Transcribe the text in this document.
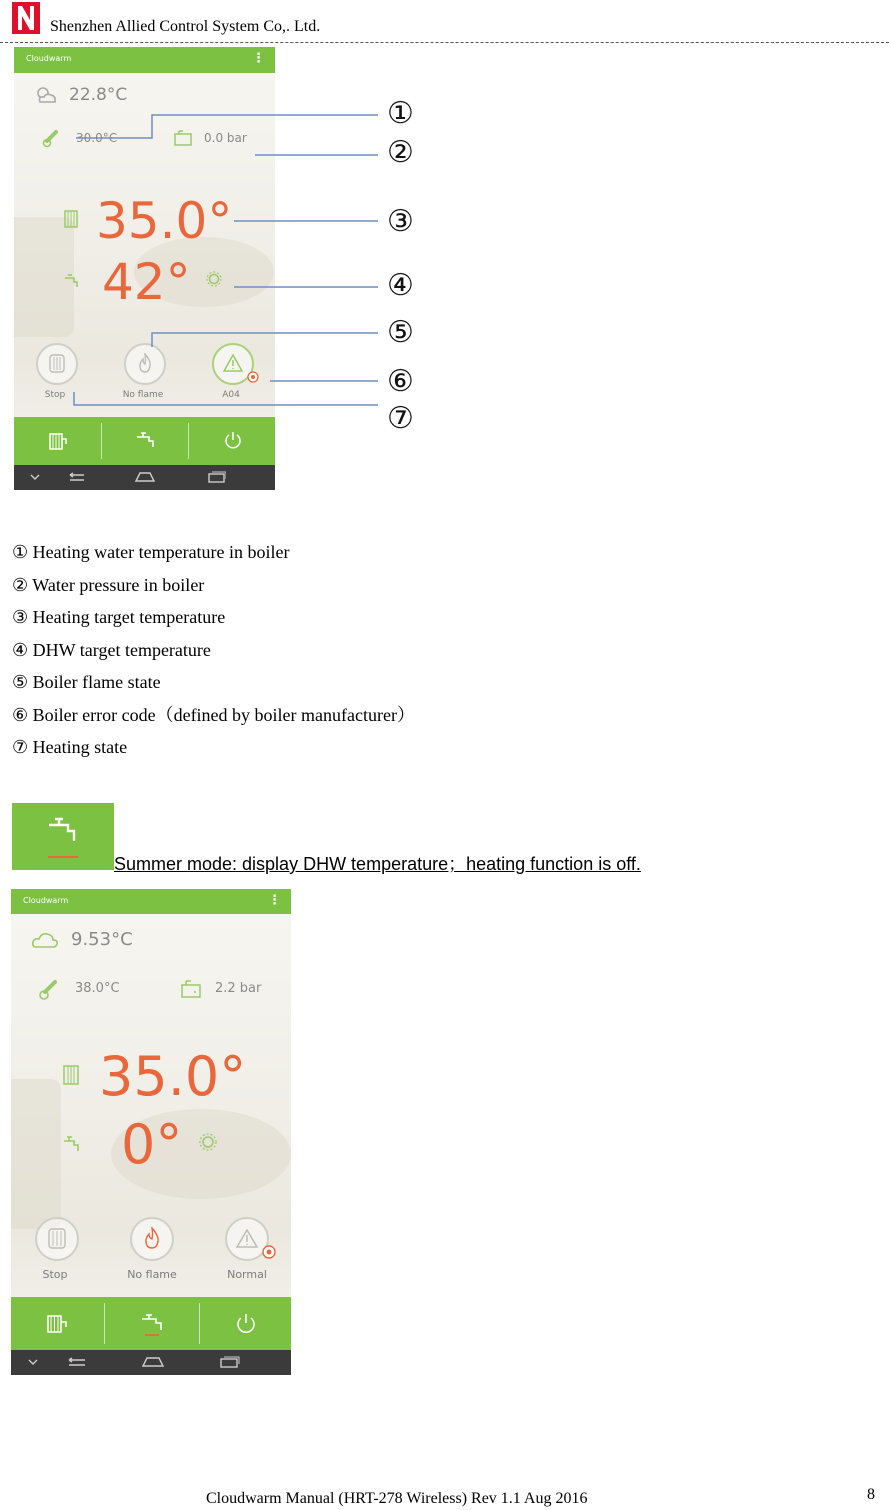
Shenzhen Allied Control System Co,. Ltd.
Cloudwarm	⋮
22.8°C
30.0°C	0.0 bar
35.0°
42°
Stop	No flame	A04
①
②
③
④
⑤
⑥
⑦
① Heating water temperature in boiler
② Water pressure in boiler
③ Heating target temperature
④ DHW target temperature
⑤ Boiler flame state
⑥ Boiler error code（defined by boiler manufacturer）
⑦ Heating state
Summer mode: display DHW temperature；heating function is off.
Cloudwarm	⋮
9.53°C
38.0°C	2.2 bar
35.0°
0°
Stop	No flame	Normal
Cloudwarm Manual (HRT-278 Wireless) Rev 1.1 Aug 2016	8
